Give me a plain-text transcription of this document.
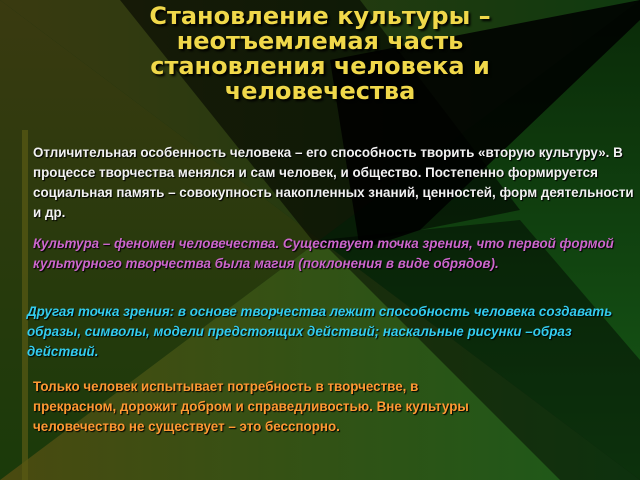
Становление культуры – неотъемлемая часть становления человека и человечества

Отличительная особенность человека – его способность творить «вторую культуру». В процессе творчества менялся и сам человек, и общество. Постепенно формируется социальная память – совокупность накопленных знаний, ценностей, форм деятельности и др.

Культура – феномен человечества. Существует точка зрения, что первой формой культурного творчества была магия (поклонения в виде обрядов).

Другая точка зрения: в основе творчества лежит способность человека создавать образы, символы, модели предстоящих действий; наскальные рисунки –образ действий.

Только человек испытывает потребность в творчестве, в прекрасном, дорожит добром и справедливостью. Вне культуры человечество не существует – это бесспорно.
